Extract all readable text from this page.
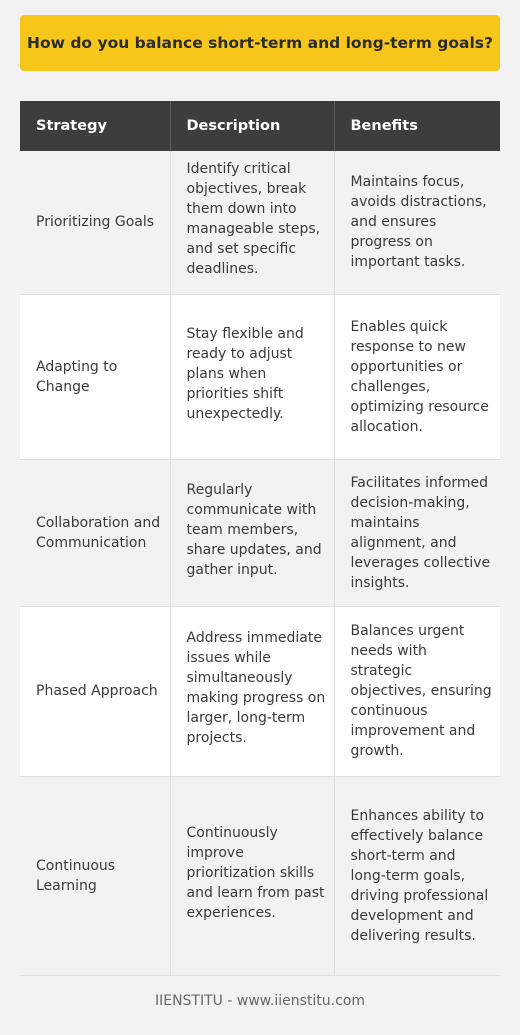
How do you balance short-term and long-term goals?
Strategy	Description	Benefits
Prioritizing Goals	Identify critical objectives, break them down into manageable steps, and set specific deadlines.	Maintains focus, avoids distractions, and ensures progress on important tasks.
Adapting to Change	Stay flexible and ready to adjust plans when priorities shift unexpectedly.	Enables quick response to new opportunities or challenges, optimizing resource allocation.
Collaboration and Communication	Regularly communicate with team members, share updates, and gather input.	Facilitates informed decision-making, maintains alignment, and leverages collective insights.
Phased Approach	Address immediate issues while simultaneously making progress on larger, long-term projects.	Balances urgent needs with strategic objectives, ensuring continuous improvement and growth.
Continuous Learning	Continuously improve prioritization skills and learn from past experiences.	Enhances ability to effectively balance short-term and long-term goals, driving professional development and delivering results.
IIENSTITU - www.iienstitu.com
